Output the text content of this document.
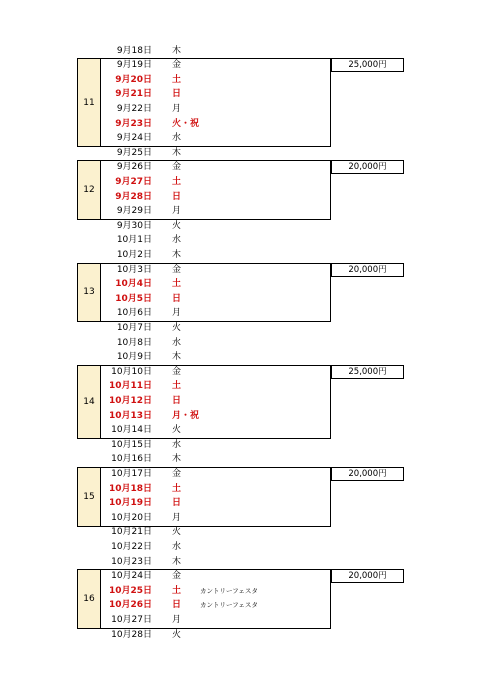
11
25,000円
12
20,000円
13
20,000円
14
25,000円
15
20,000円
16
20,000円
9月18日 木
9月19日 金
9月20日 土
9月21日 日
9月22日 月
9月23日 火・祝
9月24日 水
9月25日 木
9月26日 金
9月27日 土
9月28日 日
9月29日 月
9月30日 火
10月1日 水
10月2日 木
10月3日 金
10月4日 土
10月5日 日
10月6日 月
10月7日 火
10月8日 水
10月9日 木
10月10日 金
10月11日 土
10月12日 日
10月13日 月・祝
10月14日 火
10月15日 水
10月16日 木
10月17日 金
10月18日 土
10月19日 日
10月20日 月
10月21日 火
10月22日 水
10月23日 木
10月24日 金
10月25日 土	カントリーフェスタ
10月26日 日	カントリーフェスタ
10月27日 月
10月28日 火
